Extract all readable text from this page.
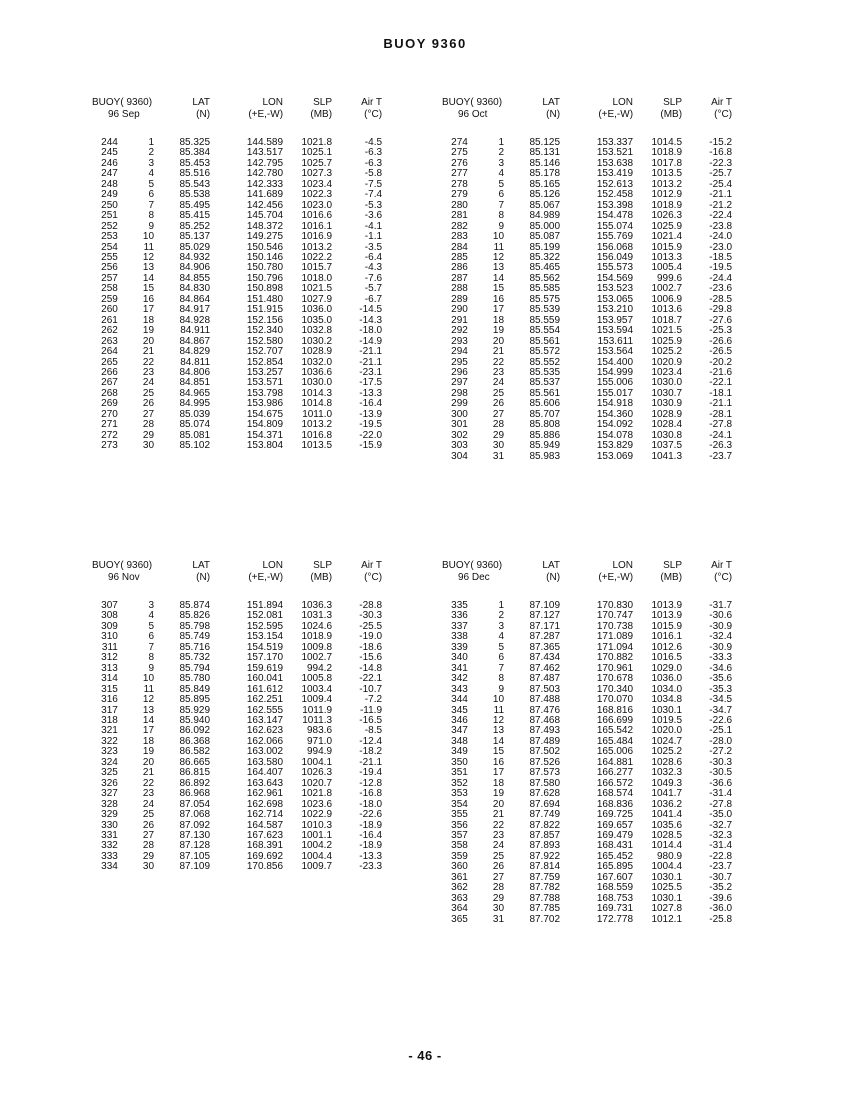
BUOY 9360
BUOY( 9360)		LAT	LON	SLP	Air T
96 Sep		(N)	(+E,-W)	(MB)	(°C)

244	1	85.325	144.589	1021.8	-4.5
245	2	85.384	143.517	1025.1	-6.3
246	3	85.453	142.795	1025.7	-6.3
247	4	85.516	142.780	1027.3	-5.8
248	5	85.543	142.333	1023.4	-7.5
249	6	85.538	141.689	1022.3	-7.4
250	7	85.495	142.456	1023.0	-5.3
251	8	85.415	145.704	1016.6	-3.6
252	9	85.252	148.372	1016.1	-4.1
253	10	85.137	149.275	1016.9	-1.1
254	11	85.029	150.546	1013.2	-3.5
255	12	84.932	150.146	1022.2	-6.4
256	13	84.906	150.780	1015.7	-4.3
257	14	84.855	150.796	1018.0	-7.6
258	15	84.830	150.898	1021.5	-5.7
259	16	84.864	151.480	1027.9	-6.7
260	17	84.917	151.915	1036.0	-14.5
261	18	84.928	152.156	1035.0	-14.3
262	19	84.911	152.340	1032.8	-18.0
263	20	84.867	152.580	1030.2	-14.9
264	21	84.829	152.707	1028.9	-21.1
265	22	84.811	152.854	1032.0	-21.1
266	23	84.806	153.257	1036.6	-23.1
267	24	84.851	153.571	1030.0	-17.5
268	25	84.965	153.798	1014.3	-13.3
269	26	84.995	153.986	1014.8	-16.4
270	27	85.039	154.675	1011.0	-13.9
271	28	85.074	154.809	1013.2	-19.5
272	29	85.081	154.371	1016.8	-22.0
273	30	85.102	153.804	1013.5	-15.9
BUOY( 9360)		LAT	LON	SLP	Air T
96 Oct		(N)	(+E,-W)	(MB)	(°C)

274	1	85.125	153.337	1014.5	-15.2
275	2	85.131	153.521	1018.9	-16.8
276	3	85.146	153.638	1017.8	-22.3
277	4	85.178	153.419	1013.5	-25.7
278	5	85.165	152.613	1013.2	-25.4
279	6	85.126	152.458	1012.9	-21.1
280	7	85.067	153.398	1018.9	-21.2
281	8	84.989	154.478	1026.3	-22.4
282	9	85.000	155.074	1025.9	-23.8
283	10	85.087	155.769	1021.4	-24.0
284	11	85.199	156.068	1015.9	-23.0
285	12	85.322	156.049	1013.3	-18.5
286	13	85.465	155.573	1005.4	-19.5
287	14	85.562	154.569	999.6	-24.4
288	15	85.585	153.523	1002.7	-23.6
289	16	85.575	153.065	1006.9	-28.5
290	17	85.539	153.210	1013.6	-29.8
291	18	85.559	153.957	1018.7	-27.6
292	19	85.554	153.594	1021.5	-25.3
293	20	85.561	153.611	1025.9	-26.6
294	21	85.572	153.564	1025.2	-26.5
295	22	85.552	154.400	1020.9	-20.2
296	23	85.535	154.999	1023.4	-21.6
297	24	85.537	155.006	1030.0	-22.1
298	25	85.561	155.017	1030.7	-18.1
299	26	85.606	154.918	1030.9	-21.1
300	27	85.707	154.360	1028.9	-28.1
301	28	85.808	154.092	1028.4	-27.8
302	29	85.886	154.078	1030.8	-24.1
303	30	85.949	153.829	1037.5	-26.3
304	31	85.983	153.069	1041.3	-23.7
BUOY( 9360)		LAT	LON	SLP	Air T
96 Nov		(N)	(+E,-W)	(MB)	(°C)

307	3	85.874	151.894	1036.3	-28.8
308	4	85.826	152.081	1031.3	-30.3
309	5	85.798	152.595	1024.6	-25.5
310	6	85.749	153.154	1018.9	-19.0
311	7	85.716	154.519	1009.8	-18.6
312	8	85.732	157.170	1002.7	-15.6
313	9	85.794	159.619	994.2	-14.8
314	10	85.780	160.041	1005.8	-22.1
315	11	85.849	161.612	1003.4	-10.7
316	12	85.895	162.251	1009.4	-7.2
317	13	85.929	162.555	1011.9	-11.9
318	14	85.940	163.147	1011.3	-16.5
321	17	86.092	162.623	983.6	-8.5
322	18	86.368	162.066	971.0	-12.4
323	19	86.582	163.002	994.9	-18.2
324	20	86.665	163.580	1004.1	-21.1
325	21	86.815	164.407	1026.3	-19.4
326	22	86.892	163.643	1020.7	-12.8
327	23	86.968	162.961	1021.8	-16.8
328	24	87.054	162.698	1023.6	-18.0
329	25	87.068	162.714	1022.9	-22.6
330	26	87.092	164.587	1010.3	-18.9
331	27	87.130	167.623	1001.1	-16.4
332	28	87.128	168.391	1004.2	-18.9
333	29	87.105	169.692	1004.4	-13.3
334	30	87.109	170.856	1009.7	-23.3
BUOY( 9360)		LAT	LON	SLP	Air T
96 Dec		(N)	(+E,-W)	(MB)	(°C)

335	1	87.109	170.830	1013.9	-31.7
336	2	87.127	170.747	1013.9	-30.6
337	3	87.171	170.738	1015.9	-30.9
338	4	87.287	171.089	1016.1	-32.4
339	5	87.365	171.094	1012.6	-30.9
340	6	87.434	170.882	1016.5	-33.3
341	7	87.462	170.961	1029.0	-34.6
342	8	87.487	170.678	1036.0	-35.6
343	9	87.503	170.340	1034.0	-35.3
344	10	87.488	170.070	1034.8	-34.5
345	11	87.476	168.816	1030.1	-34.7
346	12	87.468	166.699	1019.5	-22.6
347	13	87.493	165.542	1020.0	-25.1
348	14	87.489	165.484	1024.7	-28.0
349	15	87.502	165.006	1025.2	-27.2
350	16	87.526	164.881	1028.6	-30.3
351	17	87.573	166.277	1032.3	-30.5
352	18	87.580	166.572	1049.3	-36.6
353	19	87.628	168.574	1041.7	-31.4
354	20	87.694	168.836	1036.2	-27.8
355	21	87.749	169.725	1041.4	-35.0
356	22	87.822	169.657	1035.6	-32.7
357	23	87.857	169.479	1028.5	-32.3
358	24	87.893	168.431	1014.4	-31.4
359	25	87.922	165.452	980.9	-22.8
360	26	87.814	165.895	1004.4	-23.7
361	27	87.759	167.607	1030.1	-30.7
362	28	87.782	168.559	1025.5	-35.2
363	29	87.788	168.753	1030.1	-39.6
364	30	87.785	169.731	1027.8	-36.0
365	31	87.702	172.778	1012.1	-25.8
- 46 -
